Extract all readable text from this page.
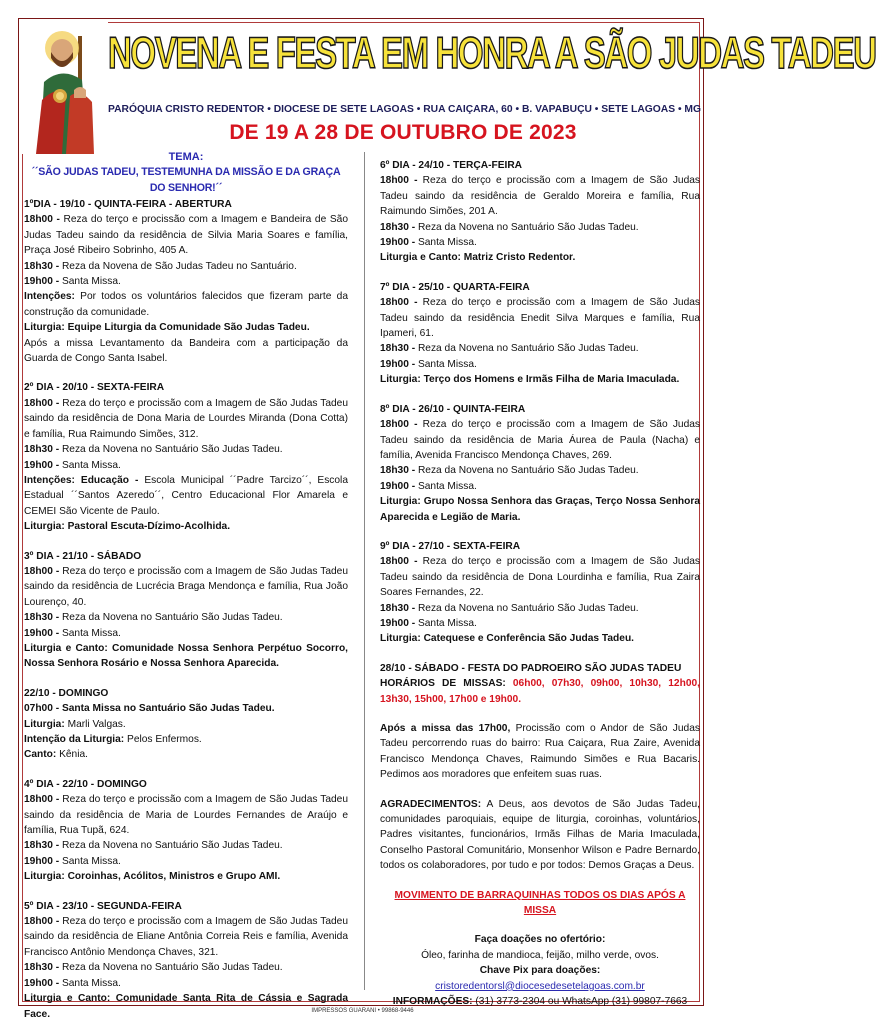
NOVENA E FESTA EM HONRA A SÃO JUDAS TADEU
PARÓQUIA CRISTO REDENTOR • DIOCESE DE SETE LAGOAS • RUA CAIÇARA, 60 • B. VAPABUÇU • SETE LAGOAS • MG
DE 19 A 28 DE OUTUBRO DE 2023
TEMA:
´´SÃO JUDAS TADEU, TESTEMUNHA DA MISSÃO E DA GRAÇA DO SENHOR!´´

1ºDIA - 19/10 - QUINTA-FEIRA - ABERTURA

18h00 - Reza do terço e procissão com a Imagem e Bandeira de São Judas Tadeu saindo da residência de Silvia Maria Soares e família, Praça José Ribeiro Sobrinho, 405 A.

18h30 - Reza da Novena de São Judas Tadeu no Santuário.

19h00 - Santa Missa.

Intenções: Por todos os voluntários falecidos que fizeram parte da construção da comunidade.

Liturgia: Equipe Liturgia da Comunidade São Judas Tadeu.

Após a missa Levantamento da Bandeira com a participação da Guarda de Congo Santa Isabel.

2º DIA - 20/10 - SEXTA-FEIRA

18h00 - Reza do terço e procissão com a Imagem de São Judas Tadeu saindo da residência de Dona Maria de Lourdes Miranda (Dona Cotta) e família, Rua Raimundo Simões, 312.

18h30 - Reza da Novena no Santuário São Judas Tadeu.

19h00 - Santa Missa.

Intenções: Educação - Escola Municipal ´´Padre Tarcizo´´, Escola Estadual ´´Santos Azeredo´´, Centro Educacional Flor Amarela e CEMEI São Vicente de Paulo.

Liturgia: Pastoral Escuta-Dízimo-Acolhida.

3º DIA - 21/10 - SÁBADO

18h00 - Reza do terço e procissão com a Imagem de São Judas Tadeu saindo da residência de Lucrécia Braga Mendonça e família, Rua João Lourenço, 40.

18h30 - Reza da Novena no Santuário São Judas Tadeu.

19h00 - Santa Missa.

Liturgia e Canto: Comunidade Nossa Senhora Perpétuo Socorro, Nossa Senhora Rosário e Nossa Senhora Aparecida.

22/10 - DOMINGO

07h00 - Santa Missa no Santuário São Judas Tadeu.

Liturgia: Marli Valgas.

Intenção da Liturgia: Pelos Enfermos.

Canto: Kênia.

4º DIA - 22/10 - DOMINGO

18h00 - Reza do terço e procissão com a Imagem de São Judas Tadeu saindo da residência de Maria de Lourdes Fernandes de Araújo e família, Rua Tupã, 624.

18h30 - Reza da Novena no Santuário São Judas Tadeu.

19h00 - Santa Missa.

Liturgia: Coroinhas, Acólitos, Ministros e Grupo AMI.

5º DIA - 23/10 - SEGUNDA-FEIRA

18h00 - Reza do terço e procissão com a Imagem de São Judas Tadeu saindo da residência de Eliane Antônia Correia Reis e família, Avenida Francisco Antônio Mendonça Chaves, 321.

18h30 - Reza da Novena no Santuário São Judas Tadeu.

19h00 - Santa Missa.

Liturgia e Canto: Comunidade Santa Rita de Cássia e Sagrada Face.

6º DIA - 24/10 - TERÇA-FEIRA

18h00 - Reza do terço e procissão com a Imagem de São Judas Tadeu saindo da residência de Geraldo Moreira e família, Rua Raimundo Simões, 201 A.

18h30 - Reza da Novena no Santuário São Judas Tadeu.

19h00 - Santa Missa.

Liturgia e Canto: Matriz Cristo Redentor.

7º DIA - 25/10 - QUARTA-FEIRA

18h00 - Reza do terço e procissão com a Imagem de São Judas Tadeu saindo da residência Enedit Silva Marques e família, Rua Ipameri, 61.

18h30 - Reza da Novena no Santuário São Judas Tadeu.

19h00 - Santa Missa.

Liturgia: Terço dos Homens e Irmãs Filha de Maria Imaculada.

8º DIA - 26/10 - QUINTA-FEIRA

18h00 - Reza do terço e procissão com a Imagem de São Judas Tadeu saindo da residência de Maria Áurea de Paula (Nacha) e família, Avenida Francisco Mendonça Chaves, 269.

18h30 - Reza da Novena no Santuário São Judas Tadeu.

19h00 - Santa Missa.

Liturgia: Grupo Nossa Senhora das Graças, Terço Nossa Senhora Aparecida e Legião de Maria.

9º DIA - 27/10 - SEXTA-FEIRA

18h00 - Reza do terço e procissão com a Imagem de São Judas Tadeu saindo da residência de Dona Lourdinha e família, Rua Zaira Soares Fernandes, 22.

18h30 - Reza da Novena no Santuário São Judas Tadeu.

19h00 - Santa Missa.

Liturgia: Catequese e Conferência São Judas Tadeu.

28/10 - SÁBADO - FESTA DO PADROEIRO SÃO JUDAS TADEU

HORÁRIOS DE MISSAS: 06h00, 07h30, 09h00, 10h30, 12h00, 13h30, 15h00, 17h00 e 19h00.

Após a missa das 17h00, Procissão com o Andor de São Judas Tadeu percorrendo ruas do bairro: Rua Caiçara, Rua Zaire, Avenida Francisco Mendonça Chaves, Raimundo Simões e Rua Bacaris. Pedimos aos moradores que enfeitem suas ruas.

AGRADECIMENTOS: A Deus, aos devotos de São Judas Tadeu, comunidades paroquiais, equipe de liturgia, coroinhas, voluntários, Padres visitantes, funcionários, Irmãs Filhas de Maria Imaculada, Conselho Pastoral Comunitário, Monsenhor Wilson e Padre Bernardo, todos os colaboradores, por tudo e por todos: Demos Graças a Deus.

MOVIMENTO DE BARRAQUINHAS TODOS OS DIAS APÓS A MISSA

Faça doações no ofertório:

Óleo, farinha de mandioca, feijão, milho verde, ovos.

Chave Pix para doações:

cristoredentorsl@diocesedesetelagoas.com.br

INFORMAÇÕES: (31) 3773-2304 ou WhatsApp (31) 99807-7663

IMPRESSOS GUARANI • 99868-9446
